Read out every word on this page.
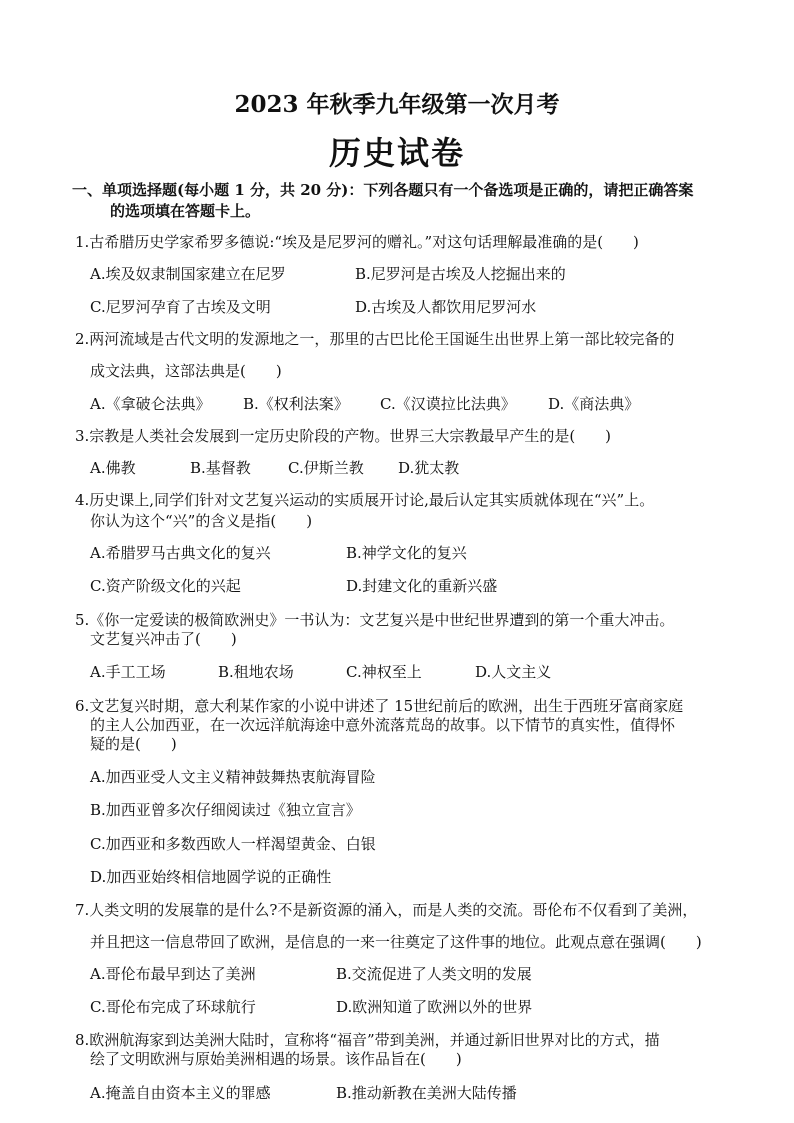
2023 年秋季九年级第一次月考
历史试卷
一、单项选择题(每小题 1 分，共 20 分)：下列各题只有一个备选项是正确的，请把正确答案
的选项填在答题卡上。
1.古希腊历史学家希罗多德说:“埃及是尼罗河的赠礼。”对这句话理解最准确的是(　　)
A.埃及奴隶制国家建立在尼罗	B.尼罗河是古埃及人挖掘出来的
C.尼罗河孕育了古埃及文明	D.古埃及人都饮用尼罗河水
2.两河流域是古代文明的发源地之一，那里的古巴比伦王国诞生出世界上第一部比较完备的
成文法典，这部法典是(　　)
A.《拿破仑法典》 B.《权利法案》 C.《汉谟拉比法典》 D.《商法典》
3.宗教是人类社会发展到一定历史阶段的产物。世界三大宗教最早产生的是(　　)
A.佛教	B.基督教 C.伊斯兰教 D.犹太教
4.历史课上,同学们针对文艺复兴运动的实质展开讨论,最后认定其实质就体现在“兴”上。
你认为这个“兴”的含义是指(　　)
A.希腊罗马古典文化的复兴	B.神学文化的复兴
C.资产阶级文化的兴起	D.封建文化的重新兴盛
5.《你一定爱读的极简欧洲史》一书认为：文艺复兴是中世纪世界遭到的第一个重大冲击。
文艺复兴冲击了(　　)
A.手工工场	B.租地农场	C.神权至上	D.人文主义
6.文艺复兴时期，意大利某作家的小说中讲述了 15世纪前后的欧洲，出生于西班牙富商家庭
的主人公加西亚，在一次远洋航海途中意外流落荒岛的故事。以下情节的真实性，值得怀
疑的是(　　)
A.加西亚受人文主义精神鼓舞热衷航海冒险
B.加西亚曾多次仔细阅读过《独立宣言》
C.加西亚和多数西欧人一样渴望黄金、白银
D.加西亚始终相信地圆学说的正确性
7.人类文明的发展靠的是什么?不是新资源的涌入，而是人类的交流。哥伦布不仅看到了美洲，
并且把这一信息带回了欧洲，是信息的一来一往奠定了这件事的地位。此观点意在强调(　　)
A.哥伦布最早到达了美洲	B.交流促进了人类文明的发展
C.哥伦布完成了环球航行	D.欧洲知道了欧洲以外的世界
8.欧洲航海家到达美洲大陆时，宣称将“福音”带到美洲，并通过新旧世界对比的方式，描
绘了文明欧洲与原始美洲相遇的场景。该作品旨在(　　)
A.掩盖自由资本主义的罪感	B.推动新教在美洲大陆传播
